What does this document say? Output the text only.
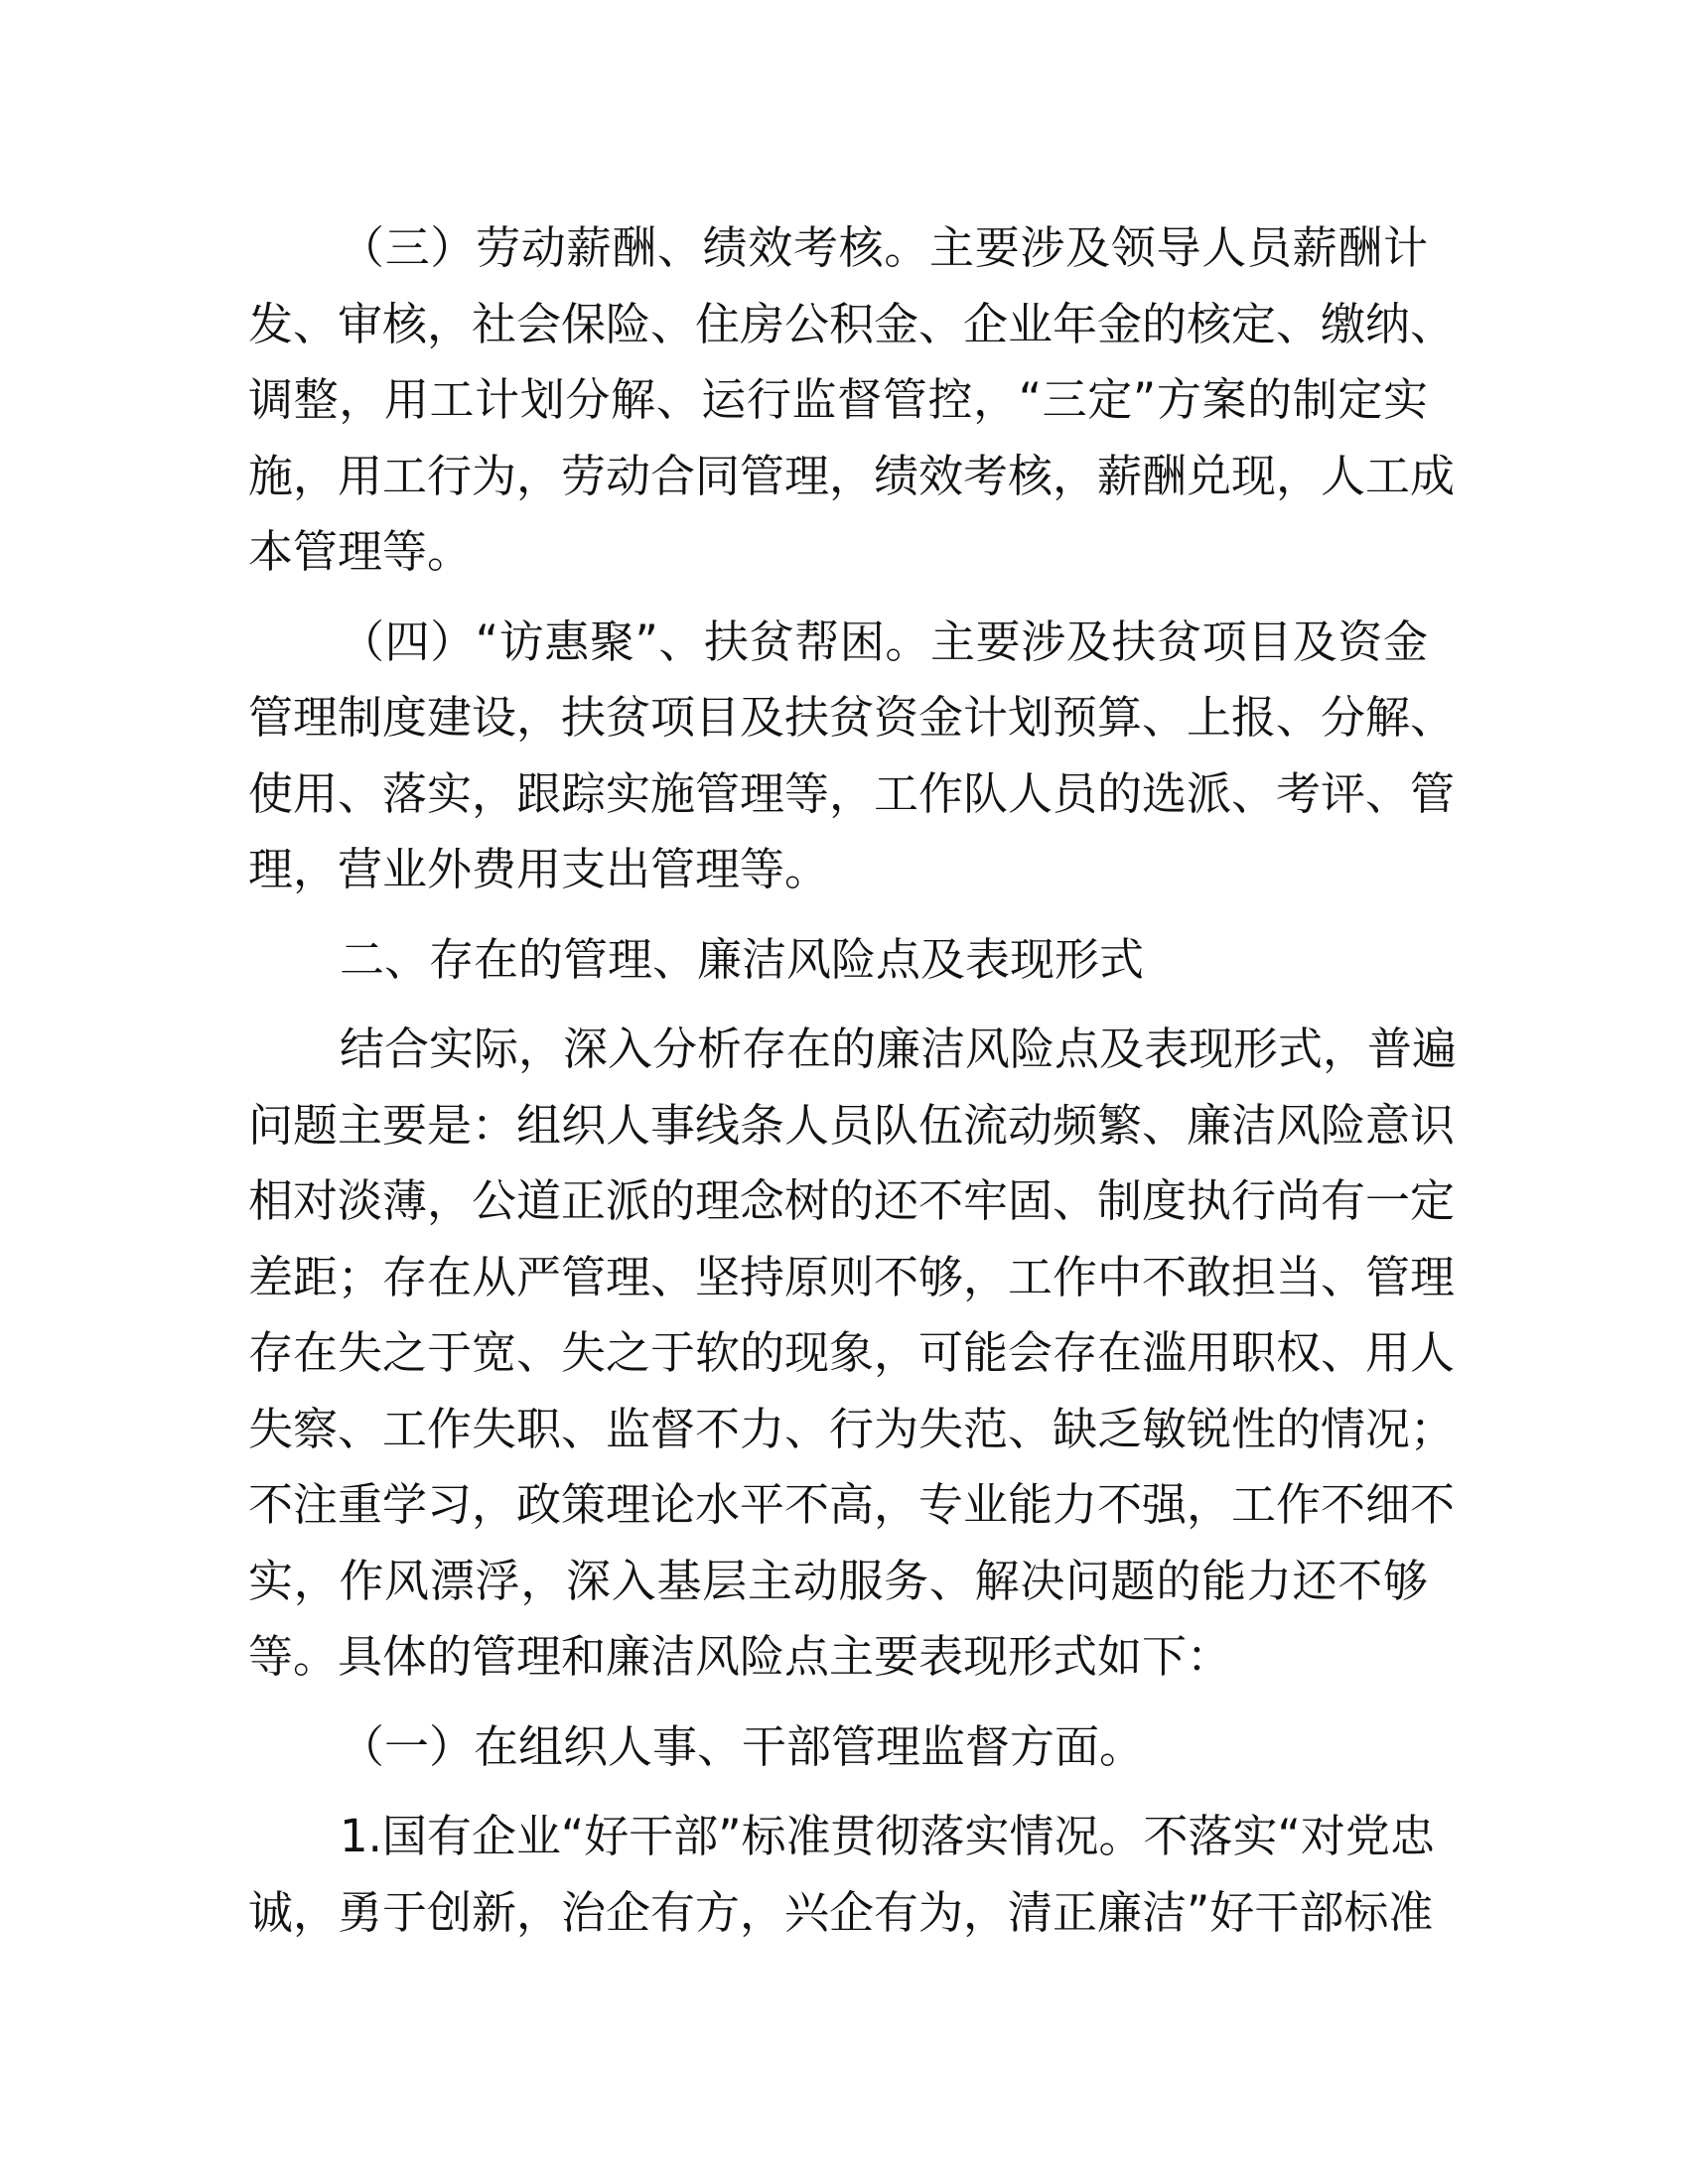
（三）劳动薪酬、绩效考核。主要涉及领导人员薪酬计
发、审核，社会保险、住房公积金、企业年金的核定、缴纳、
调整，用工计划分解、运行监督管控，“三定”方案的制定实
施，用工行为，劳动合同管理，绩效考核，薪酬兑现，人工成
本管理等。
（四）“访惠聚”、扶贫帮困。主要涉及扶贫项目及资金
管理制度建设，扶贫项目及扶贫资金计划预算、上报、分解、
使用、落实，跟踪实施管理等，工作队人员的选派、考评、管
理，营业外费用支出管理等。
二、存在的管理、廉洁风险点及表现形式
结合实际，深入分析存在的廉洁风险点及表现形式，普遍
问题主要是：组织人事线条人员队伍流动频繁、廉洁风险意识
相对淡薄，公道正派的理念树的还不牢固、制度执行尚有一定
差距；存在从严管理、坚持原则不够，工作中不敢担当、管理
存在失之于宽、失之于软的现象，可能会存在滥用职权、用人
失察、工作失职、监督不力、行为失范、缺乏敏锐性的情况；
不注重学习，政策理论水平不高，专业能力不强，工作不细不
实，作风漂浮，深入基层主动服务、解决问题的能力还不够
等。具体的管理和廉洁风险点主要表现形式如下：
（一）在组织人事、干部管理监督方面。
1.国有企业“好干部”标准贯彻落实情况。不落实“对党忠
诚，勇于创新，治企有方，兴企有为，清正廉洁”好干部标准
